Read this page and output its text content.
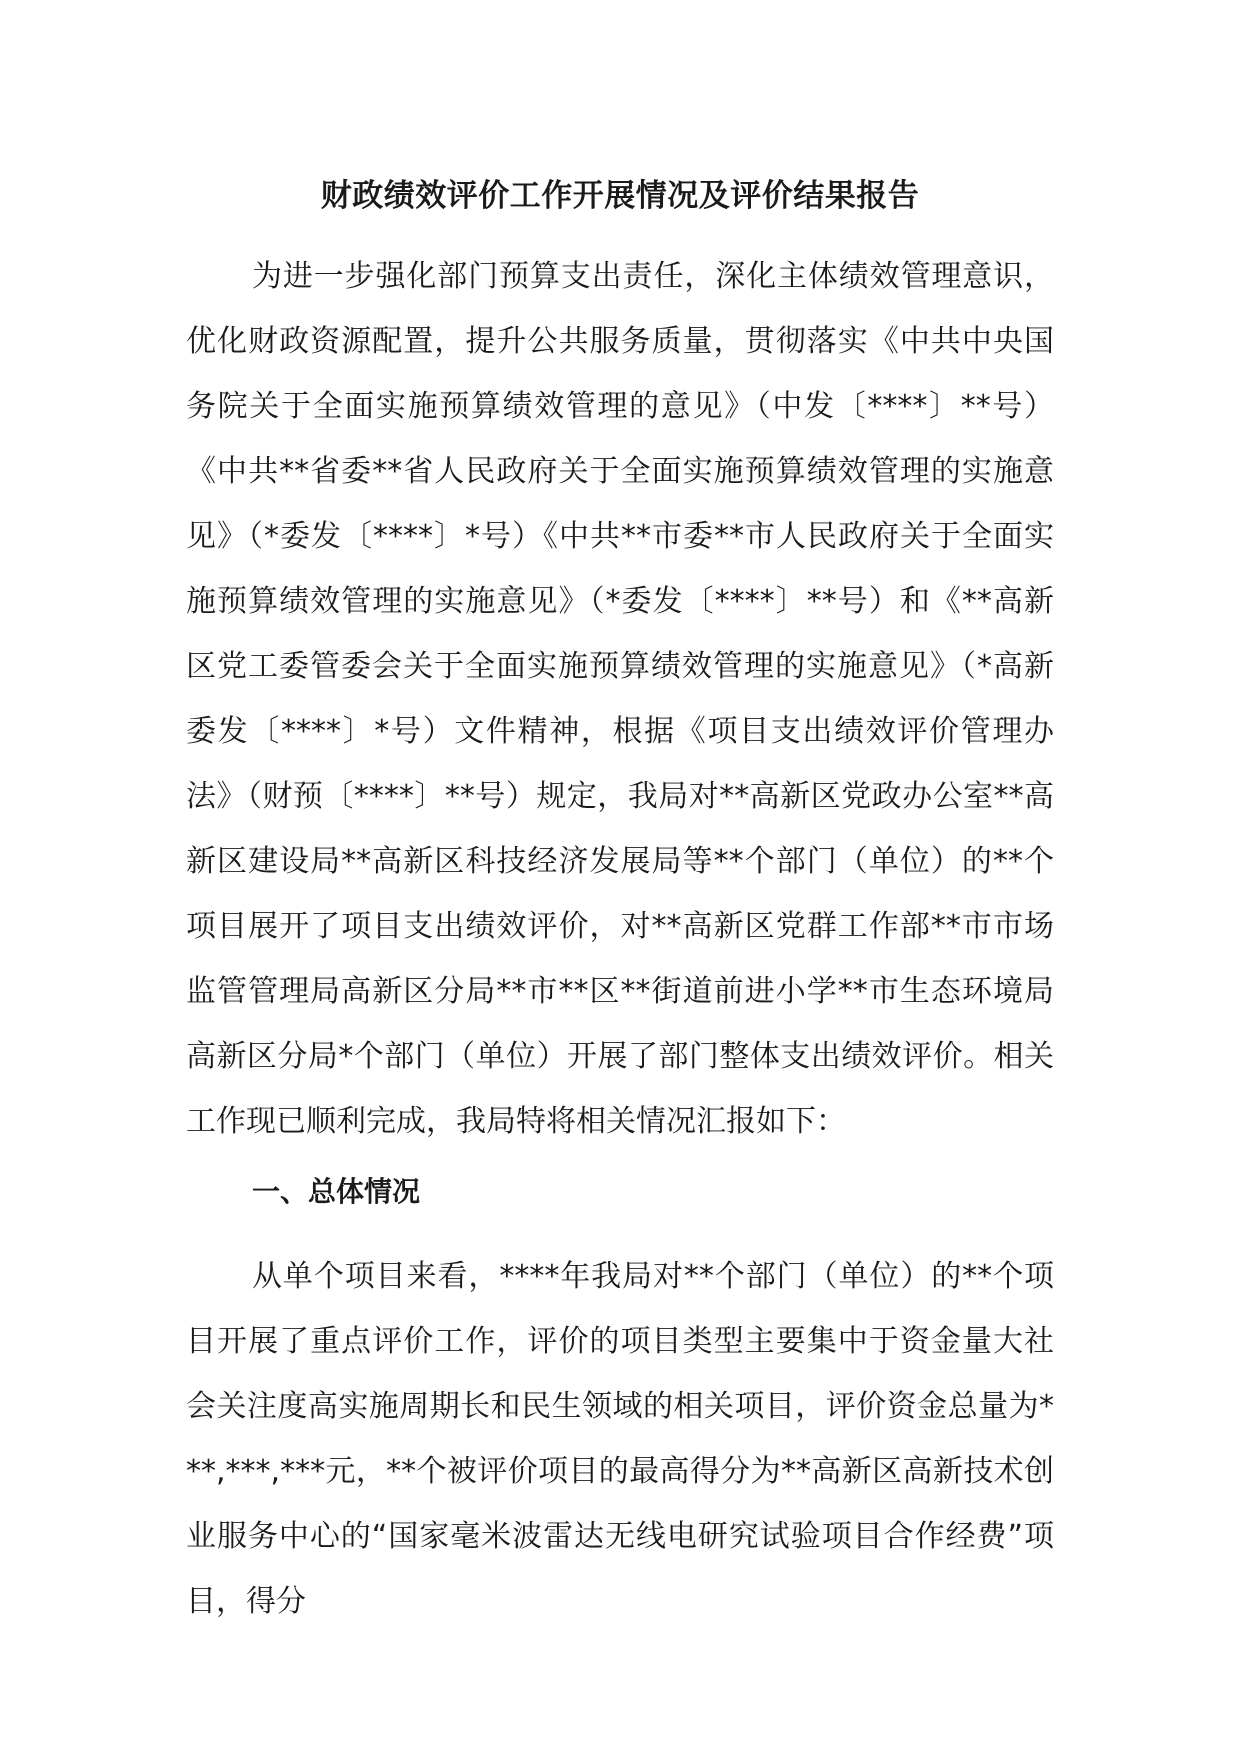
财政绩效评价工作开展情况及评价结果报告

为进一步强化部门预算支出责任，深化主体绩效管理意识，优化财政资源配置，提升公共服务质量，贯彻落实《中共中央国务院关于全面实施预算绩效管理的意见》（中发〔****〕**号）《中共**省委**省人民政府关于全面实施预算绩效管理的实施意见》（*委发〔****〕*号）《中共**市委**市人民政府关于全面实施预算绩效管理的实施意见》（*委发〔****〕**号）和《**高新区党工委管委会关于全面实施预算绩效管理的实施意见》（*高新委发〔****〕*号）文件精神，根据《项目支出绩效评价管理办法》（财预〔****〕**号）规定，我局对**高新区党政办公室**高新区建设局**高新区科技经济发展局等**个部门（单位）的**个项目展开了项目支出绩效评价，对**高新区党群工作部**市市场监管管理局高新区分局**市**区**街道前进小学**市生态环境局高新区分局*个部门（单位）开展了部门整体支出绩效评价。相关工作现已顺利完成，我局特将相关情况汇报如下：

一、总体情况

从单个项目来看，****年我局对**个部门（单位）的**个项目开展了重点评价工作，评价的项目类型主要集中于资金量大社会关注度高实施周期长和民生领域的相关项目，评价资金总量为***,***,***元，**个被评价项目的最高得分为**高新区高新技术创业服务中心的“国家毫米波雷达无线电研究试验项目合作经费”项目，得分
